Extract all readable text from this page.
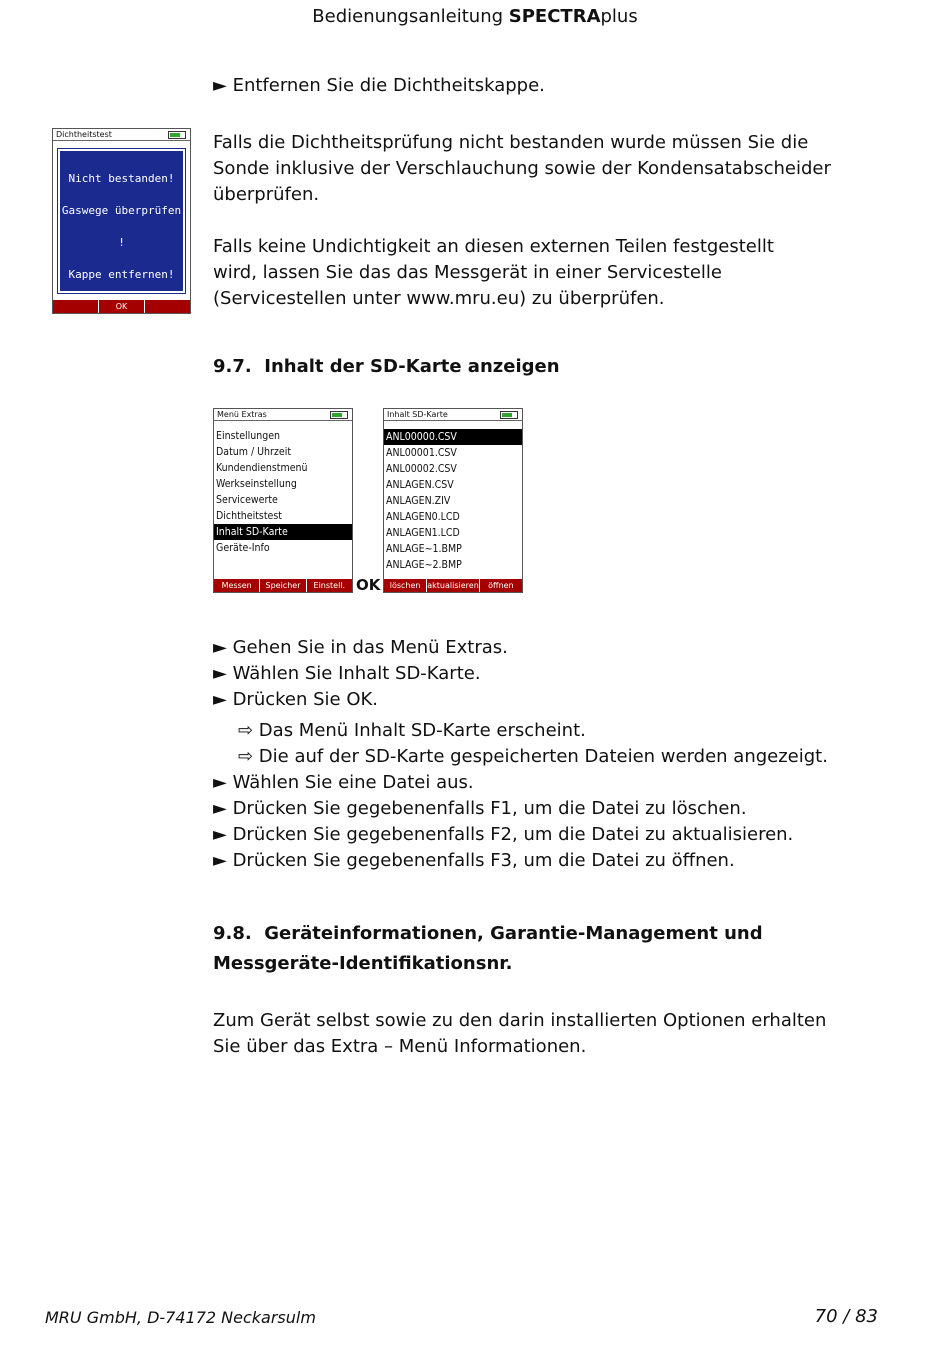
Bedienungsanleitung SPECTRAplus
► Entfernen Sie die Dichtheitskappe.
Dichtheitstest
Nicht bestanden!
Gaswege überprüfen !
Kappe entfernen!
OK
Falls die Dichtheitsprüfung nicht bestanden wurde müssen Sie die Sonde inklusive der Verschlauchung sowie der Kondensatabscheider überprüfen.
Falls keine Undichtigkeit an diesen externen Teilen festgestellt wird, lassen Sie das das Messgerät in einer Servicestelle (Servicestellen unter www.mru.eu) zu überprüfen.
9.7. Inhalt der SD-Karte anzeigen
Menü Extras
Einstellungen
Datum / Uhrzeit
Kundendienstmenü
Werkseinstellung
Servicewerte
Dichtheitstest
Inhalt SD-Karte
Geräte-Info
Messen	Speicher	Einstell. OK
Inhalt SD-Karte
ANL00000.CSV
ANL00001.CSV
ANL00002.CSV
ANLAGEN.CSV
ANLAGEN.ZIV
ANLAGEN0.LCD
ANLAGEN1.LCD
ANLAGE~1.BMP
ANLAGE~2.BMP
löschen aktualisieren	öffnen
► Gehen Sie in das Menü Extras.
► Wählen Sie Inhalt SD-Karte.
► Drücken Sie OK.
⇨ Das Menü Inhalt SD-Karte erscheint.
⇨ Die auf der SD-Karte gespeicherten Dateien werden angezeigt.
► Wählen Sie eine Datei aus.
► Drücken Sie gegebenenfalls F1, um die Datei zu löschen.
► Drücken Sie gegebenenfalls F2, um die Datei zu aktualisieren.
► Drücken Sie gegebenenfalls F3, um die Datei zu öffnen.
9.8. Geräteinformationen, Garantie-Management und Messgeräte-Identifikationsnr.
Zum Gerät selbst sowie zu den darin installierten Optionen erhalten Sie über das Extra – Menü Informationen.
MRU GmbH, D-74172 Neckarsulm	70 / 83
